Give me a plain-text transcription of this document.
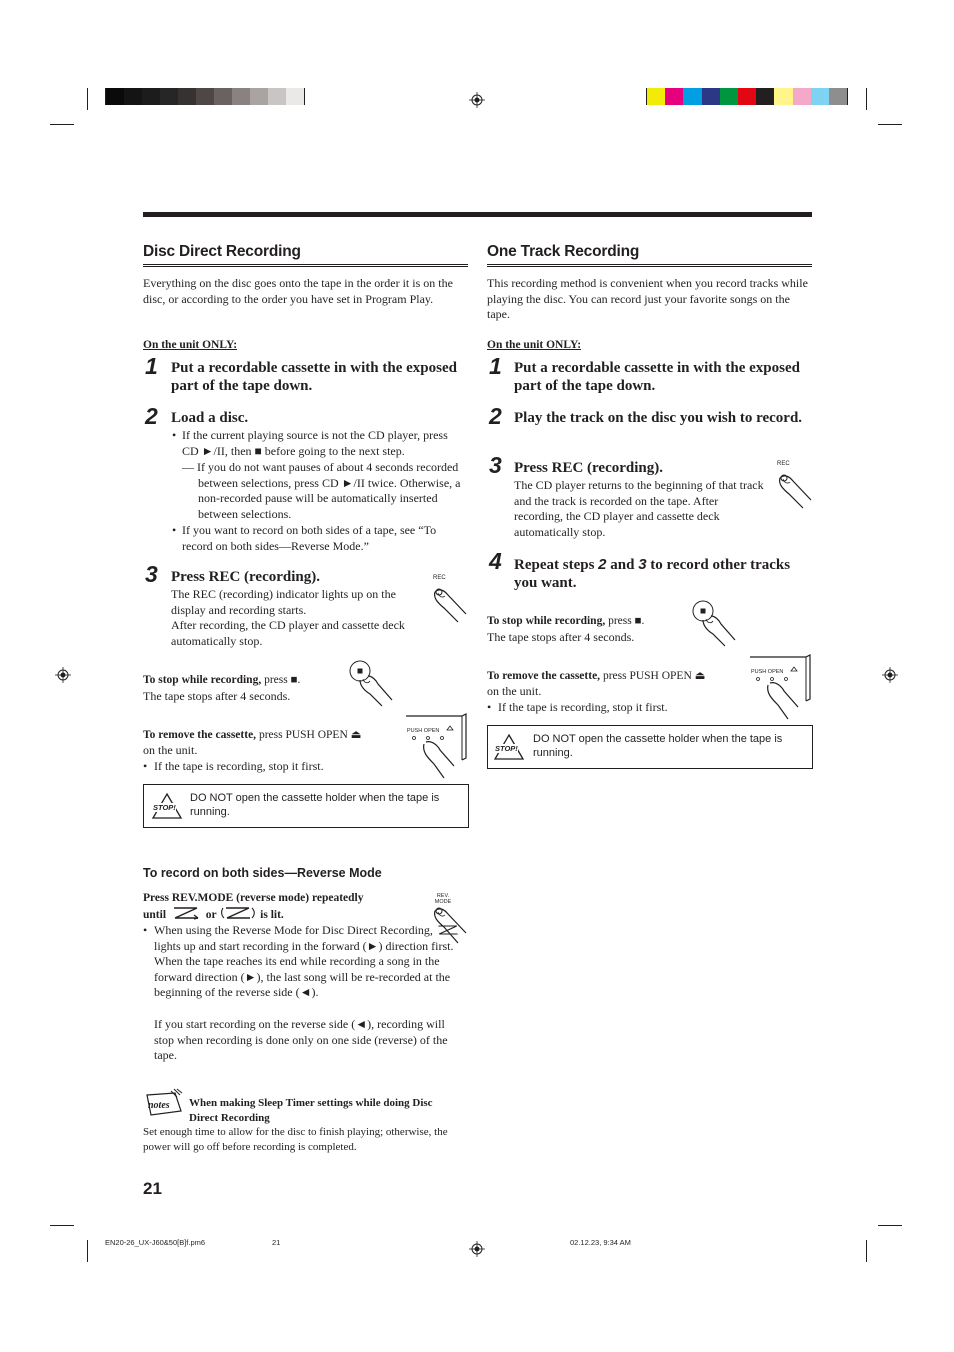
Disc Direct Recording
Everything on the disc goes onto the tape in the order it is on the disc, or according to the order you have set in Program Play.
On the unit ONLY:
1 Put a recordable cassette in with the exposed part of the tape down.
2 Load a disc.
• If the current playing source is not the CD player, press CD ►/II, then ■ before going to the next step.
— If you do not want pauses of about 4 seconds recorded between selections, press CD ►/II twice. Otherwise, a non-recorded pause will be automatically inserted between selections.
• If you want to record on both sides of a tape, see “To record on both sides—Reverse Mode.”
3 Press REC (recording).
The REC (recording) indicator lights up on the display and recording starts.
After recording, the CD player and cassette deck automatically stop.
REC
To stop while recording, press ■.
The tape stops after 4 seconds.
To remove the cassette, press PUSH OPEN ⏏
on the unit.
• If the tape is recording, stop it first.
PUSH OPEN
STOP!
DO NOT open the cassette holder when the tape is running.
To record on both sides—Reverse Mode
Press REV.MODE (reverse mode) repeatedly
until	or	is lit.
REV. MODE
• When using the Reverse Mode for Disc Direct Recording,  lights up and start recording in the forward (►) direction first. When the tape reaches its end while recording a song in the forward direction (►), the last song will be re-recorded at the beginning of the reverse side (◄).
If you start recording on the reverse side (◄), recording will stop when recording is done only on one side (reverse) of the tape.
notes When making Sleep Timer settings while doing Disc Direct Recording
Set enough time to allow for the disc to finish playing; otherwise, the power will go off before recording is completed.
21
One Track Recording
This recording method is convenient when you record tracks while playing the disc. You can record just your favorite songs on the tape.
On the unit ONLY:
1 Put a recordable cassette in with the exposed part of the tape down.
2 Play the track on the disc you wish to record.
3 Press REC (recording).
The CD player returns to the beginning of that track and the track is recorded on the tape. After recording, the CD player and cassette deck automatically stop.
REC
4 Repeat steps 2 and 3 to record other tracks you want.
To stop while recording, press ■.
The tape stops after 4 seconds.
To remove the cassette, press PUSH OPEN ⏏
on the unit.
• If the tape is recording, stop it first.
PUSH OPEN
STOP!
DO NOT open the cassette holder when the tape is running.
EN20-26_UX-J60&50[B]f.pm6	21	02.12.23, 9:34 AM
